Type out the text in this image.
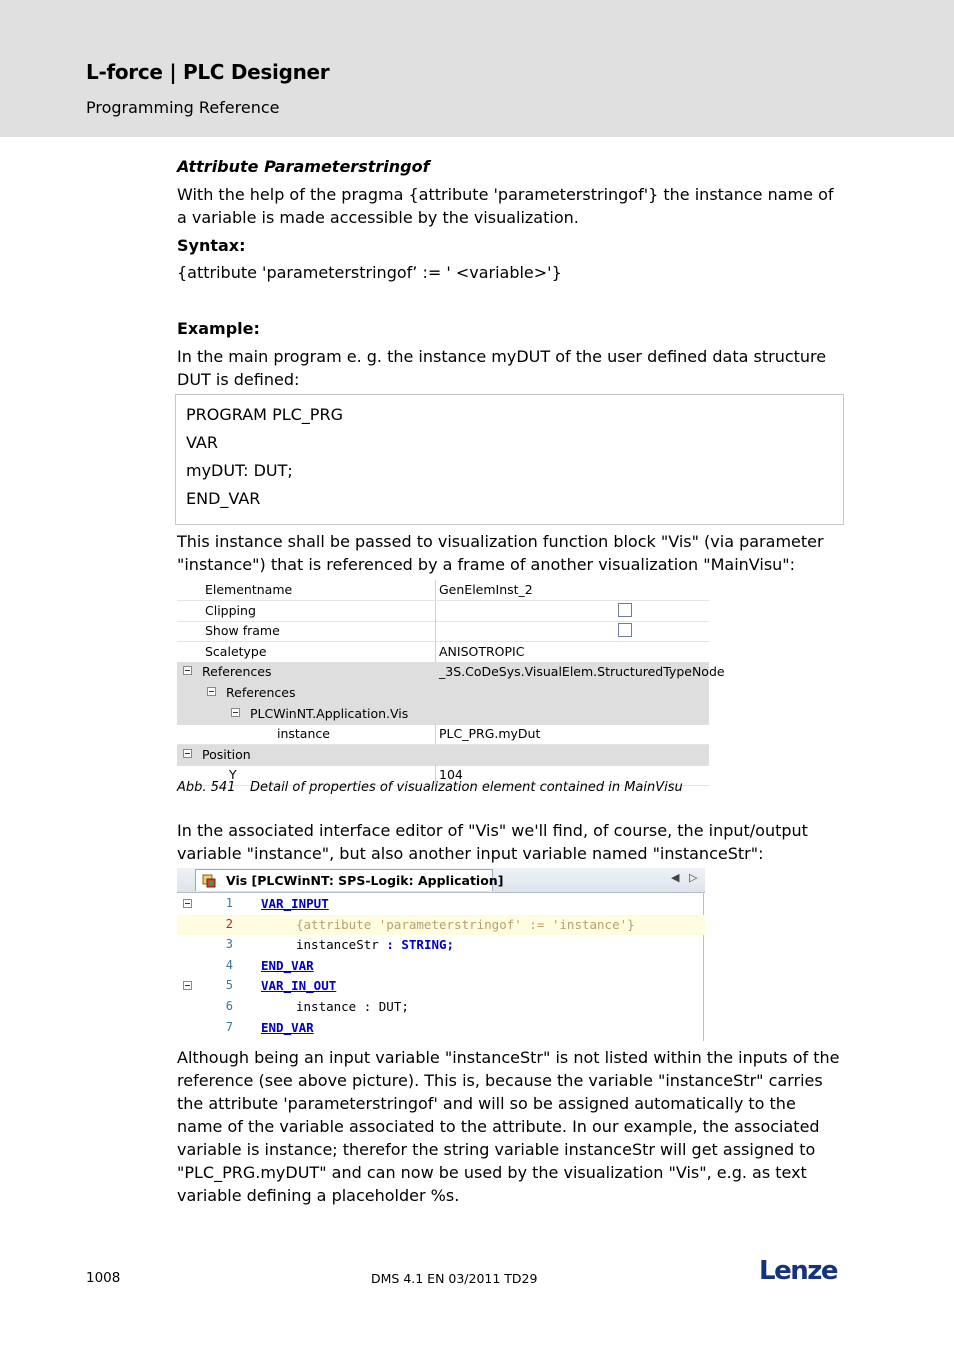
L-force | PLC Designer
Programming Reference
Attribute Parameterstringof
With the help of the pragma {attribute 'parameterstringof'} the instance name of a variable is made accessible by the visualization.
Syntax:
{attribute 'parameterstringof’ := ' <variable>'}
Example:
In the main program e. g. the instance myDUT of the user defined data structure DUT is defined:
PROGRAM PLC_PRG
VAR
myDUT: DUT;
END_VAR
This instance shall be passed to visualization function block "Vis" (via parameter "instance") that is referenced by a frame of another visualization "MainVisu":
Elementname	GenElemInst_2
Clipping
Show frame
Scaletype	ANISOTROPIC
References	_3S.CoDeSys.VisualElem.StructuredTypeNode
References
PLCWinNT.Application.Vis
instance	PLC_PRG.myDut
Position
Y	104
Abb. 541 Detail of properties of visualization element contained in MainVisu
In the associated interface editor of "Vis" we'll find, of course, the input/output variable "instance", but also another input variable named "instanceStr":
Vis [PLCWinNT: SPS-Logik: Application]	◀ ▷
1 VAR_INPUT
2	{attribute 'parameterstringof' := 'instance'}
3	instanceStr : STRING;
4 END_VAR
5 VAR_IN_OUT
6	instance : DUT;
7 END_VAR
Although being an input variable "instanceStr" is not listed within the inputs of the reference (see above picture). This is, because the variable "instanceStr" carries the attribute 'parameterstringof' and will so be assigned automatically to the name of the variable associated to the attribute. In our example, the associated variable is instance; therefor the string variable instanceStr will get assigned to "PLC_PRG.myDUT" and can now be used by the visualization "Vis", e.g. as text variable defining a placeholder %s.
1008	DMS 4.1 EN 03/2011 TD29	Lenze
